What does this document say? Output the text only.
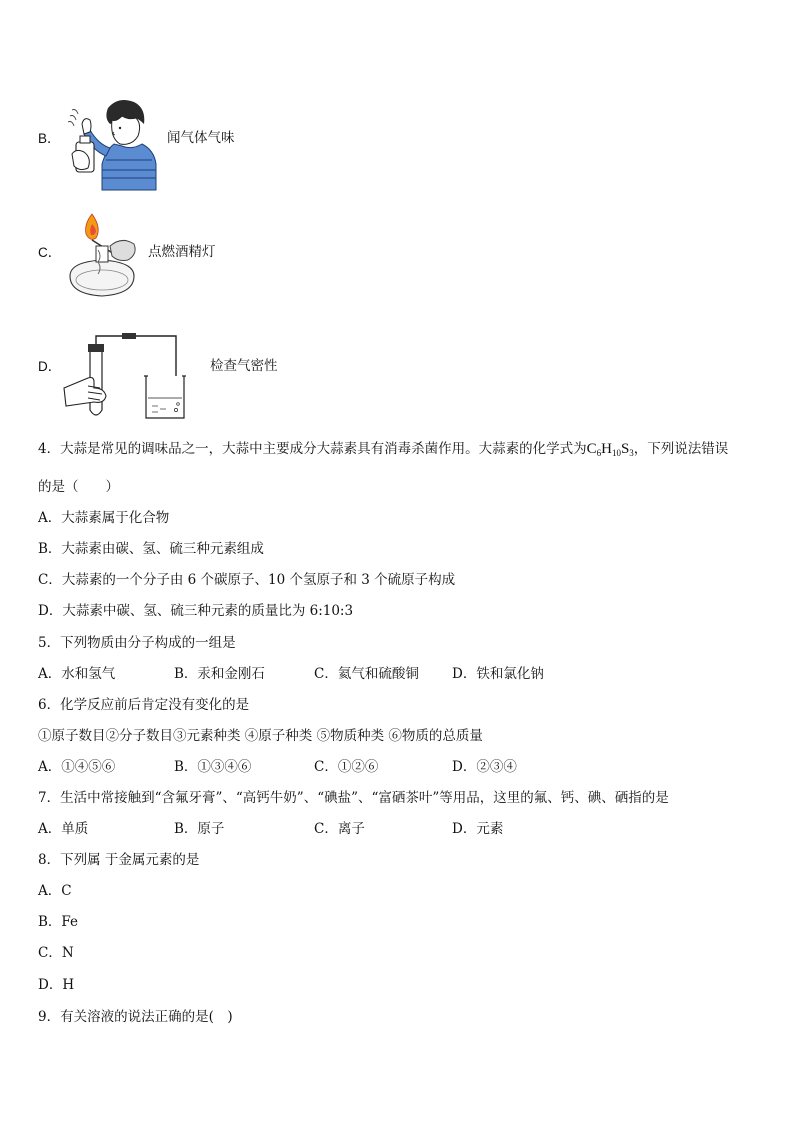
B．	闻气体气味
C．	点燃酒精灯
D．	检查气密性
4．大蒜是常见的调味品之一，大蒜中主要成分大蒜素具有消毒杀菌作用。大蒜素的化学式为$C_6H_{10}S_3$，下列说法错误
的是（　　）
A．大蒜素属于化合物
B．大蒜素由碳、氢、硫三种元素组成
C．大蒜素的一个分子由 6 个碳原子、10 个氢原子和 3 个硫原子构成
D．大蒜素中碳、氢、硫三种元素的质量比为 6:10:3
5．下列物质由分子构成的一组是
A．水和氢气	B．汞和金刚石	C．氦气和硫酸铜 D．铁和氯化钠
6．化学反应前后肯定没有变化的是
①原子数目②分子数目③元素种类 ④原子种类 ⑤物质种类 ⑥物质的总质量
A．①④⑤⑥	B．①③④⑥	C．①②⑥	D．②③④
7．生活中常接触到“含氟牙膏”、“高钙牛奶”、“碘盐”、“富硒茶叶”等用品，这里的氟、钙、碘、硒指的是
A．单质	B．原子	C．离子	D．元素
8．下列属 于金属元素的是
A．C
B．Fe
C．N
D．H
9．有关溶液的说法正确的是(　)
